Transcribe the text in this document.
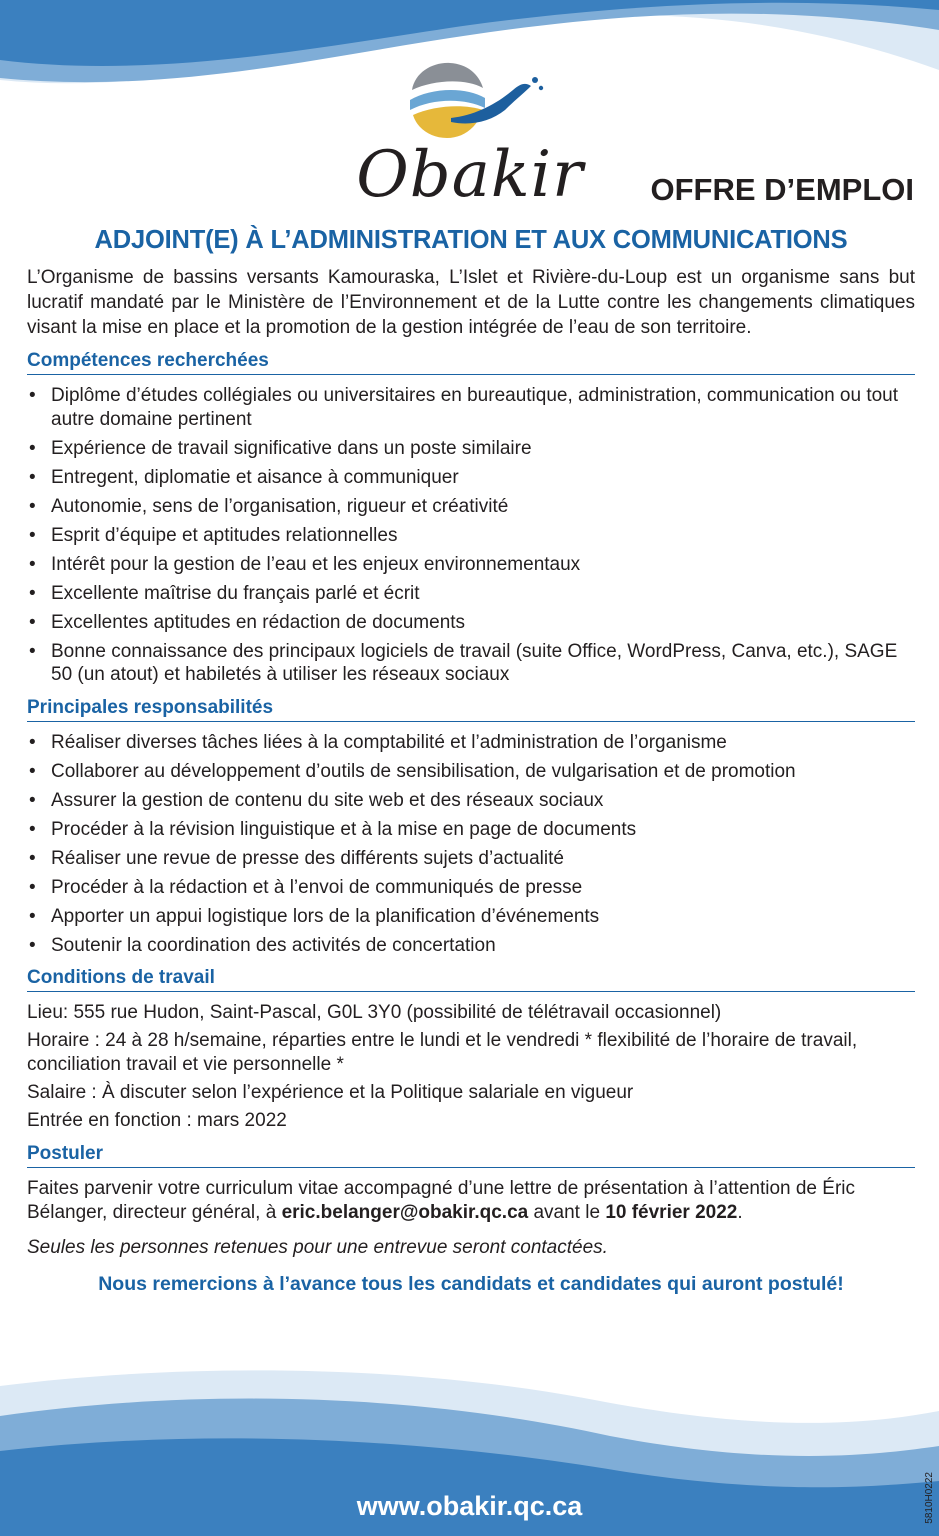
Obakir OFFRE D’EMPLOI
ADJOINT(E) À L’ADMINISTRATION ET AUX COMMUNICATIONS

L’Organisme de bassins versants Kamouraska, L’Islet et Rivière-du-Loup est un organisme sans but lucratif mandaté par le Ministère de l’Environnement et de la Lutte contre les changements climatiques visant la mise en place et la promotion de la gestion intégrée de l’eau de son territoire.

Compétences recherchées
• Diplôme d’études collégiales ou universitaires en bureautique, administration, communication ou tout autre domaine pertinent
• Expérience de travail significative dans un poste similaire
• Entregent, diplomatie et aisance à communiquer
• Autonomie, sens de l’organisation, rigueur et créativité
• Esprit d’équipe et aptitudes relationnelles
• Intérêt pour la gestion de l’eau et les enjeux environnementaux
• Excellente maîtrise du français parlé et écrit
• Excellentes aptitudes en rédaction de documents
• Bonne connaissance des principaux logiciels de travail (suite Office, WordPress, Canva, etc.), SAGE 50 (un atout) et habiletés à utiliser les réseaux sociaux
Principales responsabilités
• Réaliser diverses tâches liées à la comptabilité et l’administration de l’organisme
• Collaborer au développement d’outils de sensibilisation, de vulgarisation et de promotion
• Assurer la gestion de contenu du site web et des réseaux sociaux
• Procéder à la révision linguistique et à la mise en page de documents
• Réaliser une revue de presse des différents sujets d’actualité
• Procéder à la rédaction et à l’envoi de communiqués de presse
• Apporter un appui logistique lors de la planification d’événements
• Soutenir la coordination des activités de concertation
Conditions de travail

Lieu: 555 rue Hudon, Saint-Pascal, G0L 3Y0 (possibilité de télétravail occasionnel)

Horaire : 24 à 28 h/semaine, réparties entre le lundi et le vendredi * flexibilité de l’horaire de travail, conciliation travail et vie personnelle *

Salaire : À discuter selon l’expérience et la Politique salariale en vigueur

Entrée en fonction : mars 2022

Postuler

Faites parvenir votre curriculum vitae accompagné d’une lettre de présentation à l’attention de Éric Bélanger, directeur général, à eric.belanger@obakir.qc.ca avant le 10 février 2022.

Seules les personnes retenues pour une entrevue seront contactées.

Nous remercions à l’avance tous les candidats et candidates qui auront postulé!

www.obakir.qc.ca	5810H0222
